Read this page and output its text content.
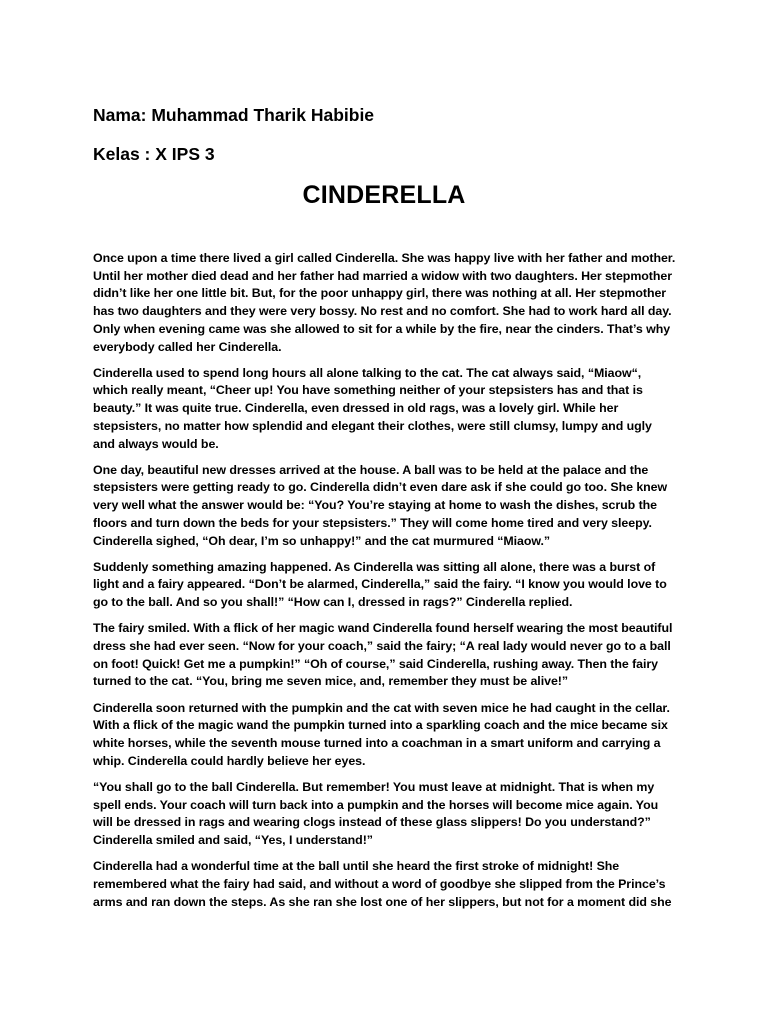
Nama: Muhammad Tharik Habibie
Kelas : X IPS 3
CINDERELLA

Once upon a time there lived a girl called Cinderella. She was happy live with her father and mother. Until her mother died dead and her father had married a widow with two daughters. Her stepmother didn’t like her one little bit. But, for the poor unhappy girl, there was nothing at all. Her stepmother has two daughters and they were very bossy. No rest and no comfort. She had to work hard all day. Only when evening came was she allowed to sit for a while by the fire, near the cinders. That’s why everybody called her Cinderella.

Cinderella used to spend long hours all alone talking to the cat. The cat always said, “Miaow“, which really meant, “Cheer up! You have something neither of your stepsisters has and that is beauty.” It was quite true. Cinderella, even dressed in old rags, was a lovely girl. While her stepsisters, no matter how splendid and elegant their clothes, were still clumsy, lumpy and ugly and always would be.

One day, beautiful new dresses arrived at the house. A ball was to be held at the palace and the stepsisters were getting ready to go. Cinderella didn’t even dare ask if she could go too. She knew very well what the answer would be: “You? You’re staying at home to wash the dishes, scrub the floors and turn down the beds for your stepsisters.” They will come home tired and very sleepy. Cinderella sighed, “Oh dear, I’m so unhappy!” and the cat murmured “Miaow.”

Suddenly something amazing happened. As Cinderella was sitting all alone, there was a burst of light and a fairy appeared. “Don’t be alarmed, Cinderella,” said the fairy. “I know you would love to go to the ball. And so you shall!” “How can I, dressed in rags?” Cinderella replied.

The fairy smiled. With a flick of her magic wand Cinderella found herself wearing the most beautiful dress she had ever seen. “Now for your coach,” said the fairy; “A real lady would never go to a ball on foot! Quick! Get me a pumpkin!” “Oh of course,” said Cinderella, rushing away. Then the fairy turned to the cat. “You, bring me seven mice, and, remember they must be alive!”

Cinderella soon returned with the pumpkin and the cat with seven mice he had caught in the cellar. With a flick of the magic wand the pumpkin turned into a sparkling coach and the mice became six white horses, while the seventh mouse turned into a coachman in a smart uniform and carrying a whip. Cinderella could hardly believe her eyes.

“You shall go to the ball Cinderella. But remember! You must leave at midnight. That is when my spell ends. Your coach will turn back into a pumpkin and the horses will become mice again. You will be dressed in rags and wearing clogs instead of these glass slippers! Do you understand?” Cinderella smiled and said, “Yes, I understand!”

Cinderella had a wonderful time at the ball until she heard the first stroke of midnight! She remembered what the fairy had said, and without a word of goodbye she slipped from the Prince’s arms and ran down the steps. As she ran she lost one of her slippers, but not for a moment did she
